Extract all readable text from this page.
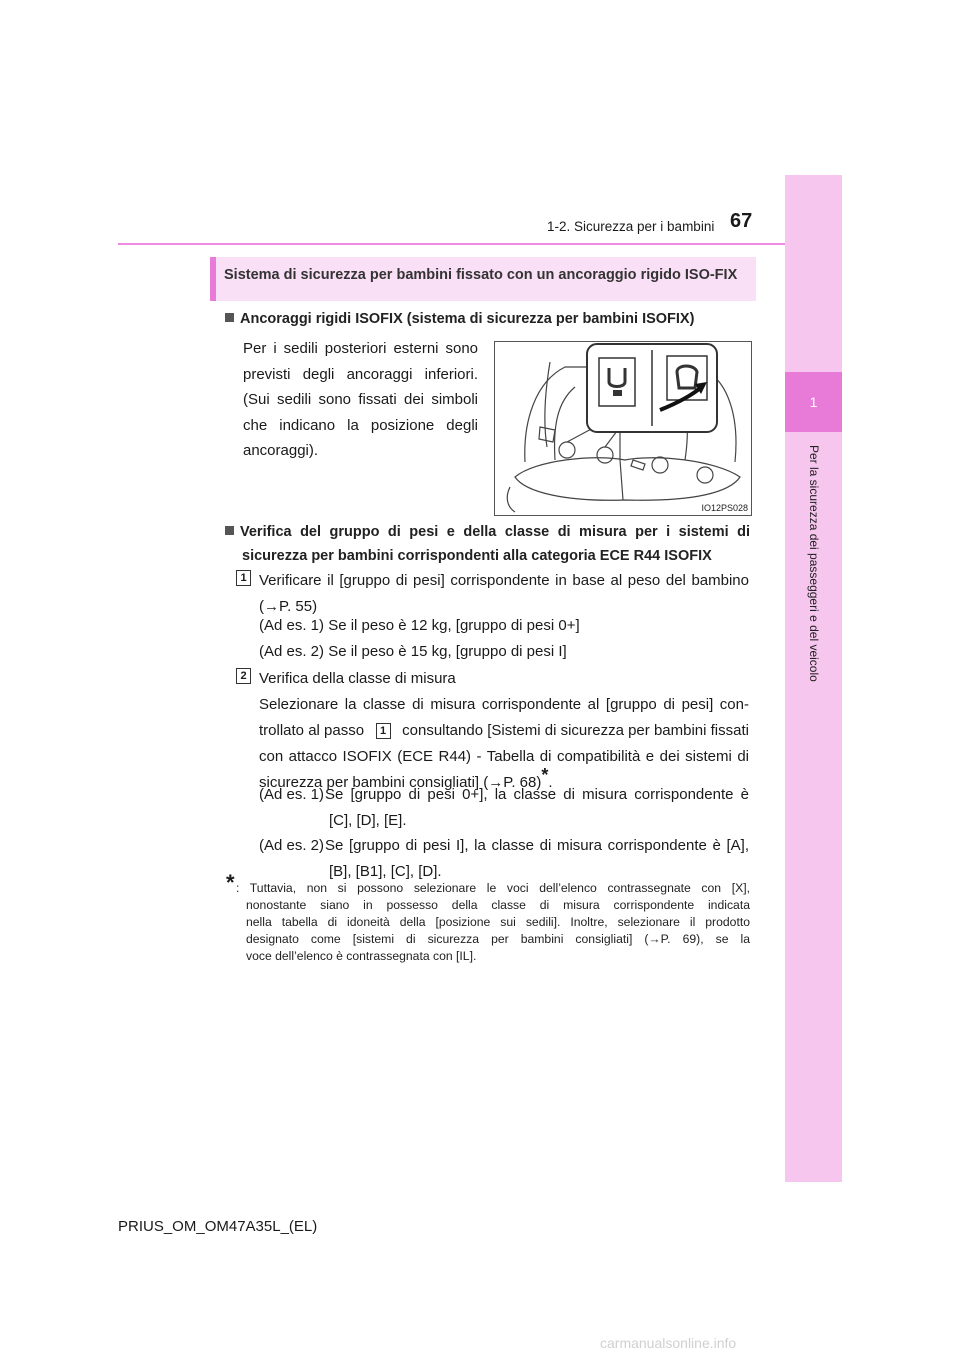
1
Per la sicurezza dei passeggeri e del veicolo
1-2. Sicurezza per i bambini 67
Sistema di sicurezza per bambini fissato con un ancoraggio rigido ISO-FIX
Ancoraggi rigidi ISOFIX (sistema di sicurezza per bambini ISOFIX)
Per i sedili posteriori esterni sono
previsti degli ancoraggi inferiori.
(Sui sedili sono fissati dei simboli
che indicano la posizione degli
ancoraggi).
IO12PS028
Verifica del gruppo di pesi e della classe di misura per i sistemi di
sicurezza per bambini corrispondenti alla categoria ECE R44 ISOFIX
1 Verificare il [gruppo di pesi] corrispondente in base al peso del bambino
(→P. 55)
(Ad es. 1) Se il peso è 12 kg, [gruppo di pesi 0+]
(Ad es. 2) Se il peso è 15 kg, [gruppo di pesi I]
2 Verifica della classe di misura
Selezionare la classe di misura corrispondente al [gruppo di pesi] con-
trollato al passo	1 consultando [Sistemi di sicurezza per bambini fissati
con attacco ISOFIX (ECE R44) - Tabella di compatibilità e dei sistemi di
sicurezza per bambini consigliati] (→P. 68)*.
(Ad es. 1) Se [gruppo di pesi 0+], la classe di misura corrispondente è
[C], [D], [E].
(Ad es. 2) Se [gruppo di pesi I], la classe di misura corrispondente è [A],
[B], [B1], [C], [D].
* : Tuttavia, non si possono selezionare le voci dell’elenco contrassegnate con [X],
nonostante siano in possesso della classe di misura corrispondente indicata
nella tabella di idoneità della [posizione sui sedili]. Inoltre, selezionare il prodotto
designato come [sistemi di sicurezza per bambini consigliati] (→P. 69), se la
voce dell’elenco è contrassegnata con [IL].
PRIUS_OM_OM47A35L_(EL)
carmanualsonline.info
